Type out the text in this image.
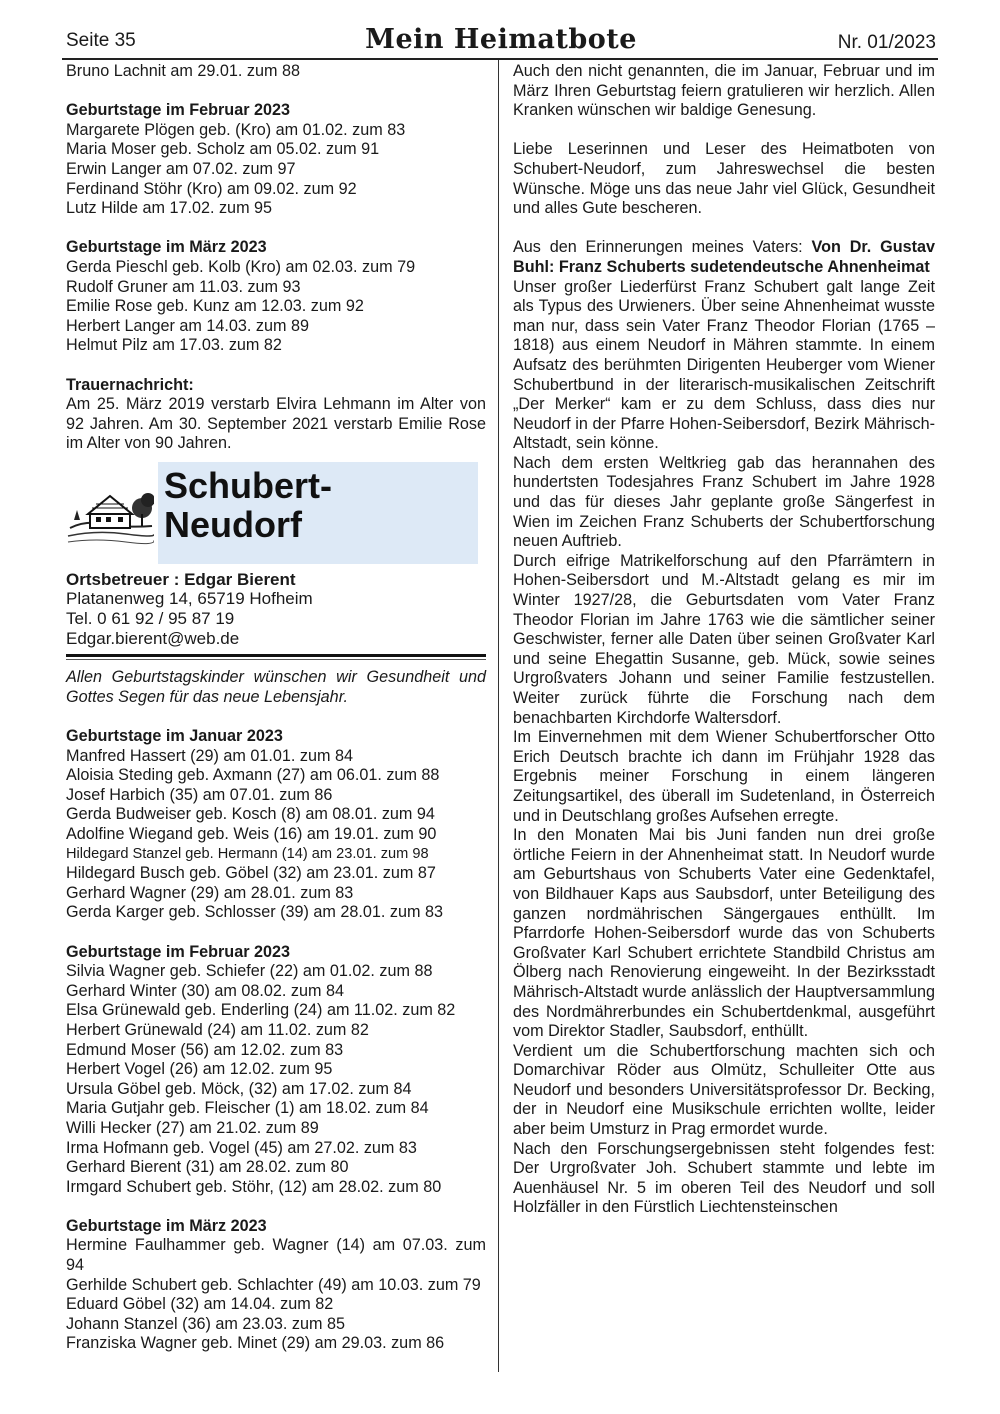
Seite 35	Mein Heimatbote	Nr. 01/2023
Bruno Lachnit am 29.01. zum 88
Geburtstage im Februar 2023
Margarete Plögen geb. (Kro) am 01.02. zum 83
Maria Moser geb. Scholz am 05.02. zum 91
Erwin Langer am 07.02. zum 97
Ferdinand Stöhr (Kro) am 09.02. zum 92
Lutz Hilde am 17.02. zum 95
Geburtstage im März 2023
Gerda Pieschl geb. Kolb (Kro) am 02.03. zum 79
Rudolf Gruner am 11.03. zum 93
Emilie Rose geb. Kunz am 12.03. zum 92
Herbert Langer am 14.03. zum 89
Helmut Pilz am 17.03. zum 82
Trauernachricht:
Am 25. März 2019 verstarb Elvira Lehmann im Alter von 92 Jahren. Am 30. September 2021 verstarb Emilie Rose im Alter von 90 Jahren.
Schubert-
Neudorf
Ortsbetreuer : Edgar Bierent
Platanenweg 14, 65719 Hofheim
Tel. 0 61 92 / 95 87 19
Edgar.bierent@web.de
Allen Geburtstagskinder wünschen wir Gesundheit und Gottes Segen für das neue Lebensjahr.
Geburtstage im Januar 2023
Manfred Hassert (29) am 01.01. zum 84
Aloisia Steding geb. Axmann (27) am 06.01. zum 88
Josef Harbich (35) am 07.01. zum 86
Gerda Budweiser geb. Kosch (8) am 08.01. zum 94
Adolfine Wiegand geb. Weis (16) am 19.01. zum 90
Hildegard Stanzel geb. Hermann (14) am 23.01. zum 98
Hildegard Busch geb. Göbel (32) am 23.01. zum 87
Gerhard Wagner (29) am 28.01. zum 83
Gerda Karger geb. Schlosser (39) am 28.01. zum 83
Geburtstage im Februar 2023
Silvia Wagner geb. Schiefer (22) am 01.02. zum 88
Gerhard Winter (30) am 08.02. zum 84
Elsa Grünewald geb. Enderling (24) am 11.02. zum 82
Herbert Grünewald (24) am 11.02. zum 82
Edmund Moser (56) am 12.02. zum 83
Herbert Vogel (26) am 12.02. zum 95
Ursula Göbel geb. Möck, (32) am 17.02. zum 84
Maria Gutjahr geb. Fleischer (1) am 18.02. zum 84
Willi Hecker (27) am 21.02. zum 89
Irma Hofmann geb. Vogel (45) am 27.02. zum 83
Gerhard Bierent (31) am 28.02. zum 80
Irmgard Schubert geb. Stöhr, (12) am 28.02. zum 80
Geburtstage im März 2023
Hermine Faulhammer geb. Wagner (14) am 07.03. zum 94
Gerhilde Schubert geb. Schlachter (49) am 10.03. zum 79
Eduard Göbel (32) am 14.04. zum 82
Johann Stanzel (36) am 23.03. zum 85
Franziska Wagner geb. Minet (29) am 29.03. zum 86

Auch den nicht genannten, die im Januar, Februar und im März Ihren Geburtstag feiern gratulieren wir herzlich. Allen Kranken wünschen wir baldige Genesung.

Liebe Leserinnen und Leser des Heimatboten von Schubert-Neudorf, zum Jahreswechsel die besten Wünsche. Möge uns das neue Jahr viel Glück, Gesundheit und alles Gute bescheren.

Aus den Erinnerungen meines Vaters: Von Dr. Gustav Buhl: Franz Schuberts sudetendeutsche Ahnenheimat

Unser großer Liederfürst Franz Schubert galt lange Zeit als Typus des Urwieners. Über seine Ahnenheimat wusste man nur, dass sein Vater Franz Theodor Florian (1765 – 1818) aus einem Neudorf in Mähren stammte. In einem Aufsatz des berühmten Dirigenten Heuberger vom Wiener Schubertbund in der literarisch-musikalischen Zeitschrift „Der Merker“ kam er zu dem Schluss, dass dies nur Neudorf in der Pfarre Hohen-Seibersdorf, Bezirk Mährisch-Altstadt, sein könne.

Nach dem ersten Weltkrieg gab das herannahen des hundertsten Todesjahres Franz Schubert im Jahre 1928 und das für dieses Jahr geplante große Sängerfest in Wien im Zeichen Franz Schuberts der Schubertforschung neuen Auftrieb.

Durch eifrige Matrikelforschung auf den Pfarrämtern in Hohen-Seibersdort und M.-Altstadt gelang es mir im Winter 1927/28, die Geburtsdaten vom Vater Franz Theodor Florian im Jahre 1763 wie die sämtlicher seiner Geschwister, ferner alle Daten über seinen Großvater Karl und seine Ehegattin Susanne, geb. Mück, sowie seines Urgroßvaters Johann und seiner Familie festzustellen. Weiter zurück führte die Forschung nach dem benachbarten Kirchdorfe Waltersdorf.

Im Einvernehmen mit dem Wiener Schubertforscher Otto Erich Deutsch brachte ich dann im Frühjahr 1928 das Ergebnis meiner Forschung in einem längeren Zeitungsartikel, des überall im Sudetenland, in Österreich und in Deutschlang großes Aufsehen erregte.

In den Monaten Mai bis Juni fanden nun drei große örtliche Feiern in der Ahnenheimat statt. In Neudorf wurde am Geburtshaus von Schuberts Vater eine Gedenktafel, von Bildhauer Kaps aus Saubsdorf, unter Beteiligung des ganzen nordmährischen Sängergaues enthüllt. Im Pfarrdorfe Hohen-Seibersdorf wurde das von Schuberts Großvater Karl Schubert errichtete Standbild Christus am Ölberg nach Renovierung eingeweiht. In der Bezirksstadt Mährisch-Altstadt wurde anlässlich der Hauptversammlung des Nordmährerbundes ein Schubertdenkmal, ausgeführt vom Direktor Stadler, Saubsdorf, enthüllt.

Verdient um die Schubertforschung machten sich och Domarchivar Röder aus Olmütz, Schulleiter Otte aus Neudorf und besonders Universitätsprofessor Dr. Becking, der in Neudorf eine Musikschule errichten wollte, leider aber beim Umsturz in Prag ermordet wurde.

Nach den Forschungsergebnissen steht folgendes fest: Der Urgroßvater Joh. Schubert stammte und lebte im Auenhäusel Nr. 5 im oberen Teil des Neudorf und soll Holzfäller in den Fürstlich Liechtensteinschen
